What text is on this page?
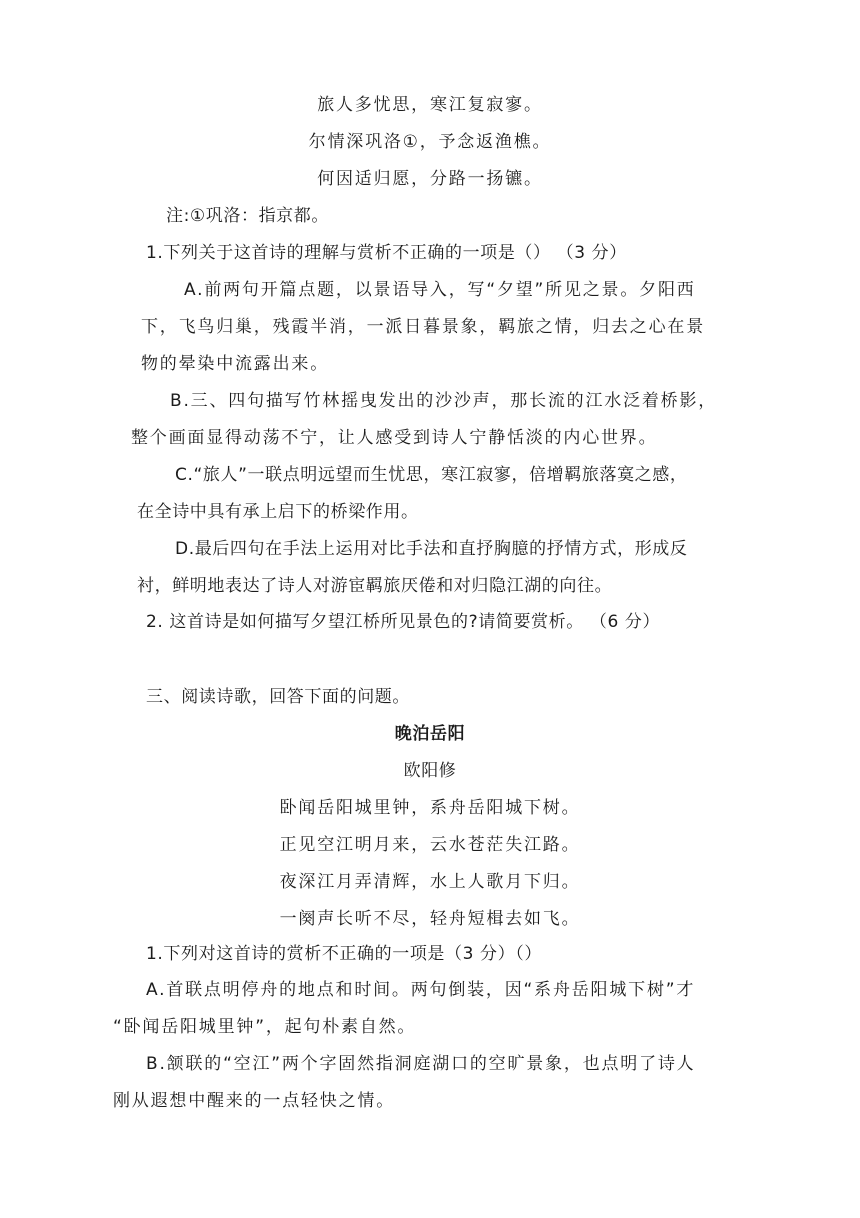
旅人多忧思，寒江复寂寥。
尔情深巩洛①，予念返渔樵。
何因适归愿，分路一扬镳。
注:①巩洛：指京都。
1.下列关于这首诗的理解与赏析不正确的一项是（） （3 分）
A.前两句开篇点题，以景语导入，写“夕望”所见之景。夕阳西
下，飞鸟归巢，残霞半消，一派日暮景象，羁旅之情，归去之心在景
物的晕染中流露出来。
B.三、四句描写竹林摇曳发出的沙沙声，那长流的江水泛着桥影，
整个画面显得动荡不宁，让人感受到诗人宁静恬淡的内心世界。
C.“旅人”一联点明远望而生忧思，寒江寂寥，倍增羁旅落寞之感，
在全诗中具有承上启下的桥梁作用。
D.最后四句在手法上运用对比手法和直抒胸臆的抒情方式，形成反
衬，鲜明地表达了诗人对游宦羁旅厌倦和对归隐江湖的向往。
2. 这首诗是如何描写夕望江桥所见景色的?请简要赏析。 （6 分）
三、阅读诗歌，回答下面的问题。
晚泊岳阳
欧阳修
卧闻岳阳城里钟，系舟岳阳城下树。
正见空江明月来，云水苍茫失江路。
夜深江月弄清辉，水上人歌月下归。
一阕声长听不尽，轻舟短楫去如飞。
1.下列对这首诗的赏析不正确的一项是（3 分）（）
A.首联点明停舟的地点和时间。两句倒装，因“系舟岳阳城下树”才
“卧闻岳阳城里钟”，起句朴素自然。
B.颔联的“空江”两个字固然指洞庭湖口的空旷景象，也点明了诗人
刚从遐想中醒来的一点轻快之情。
